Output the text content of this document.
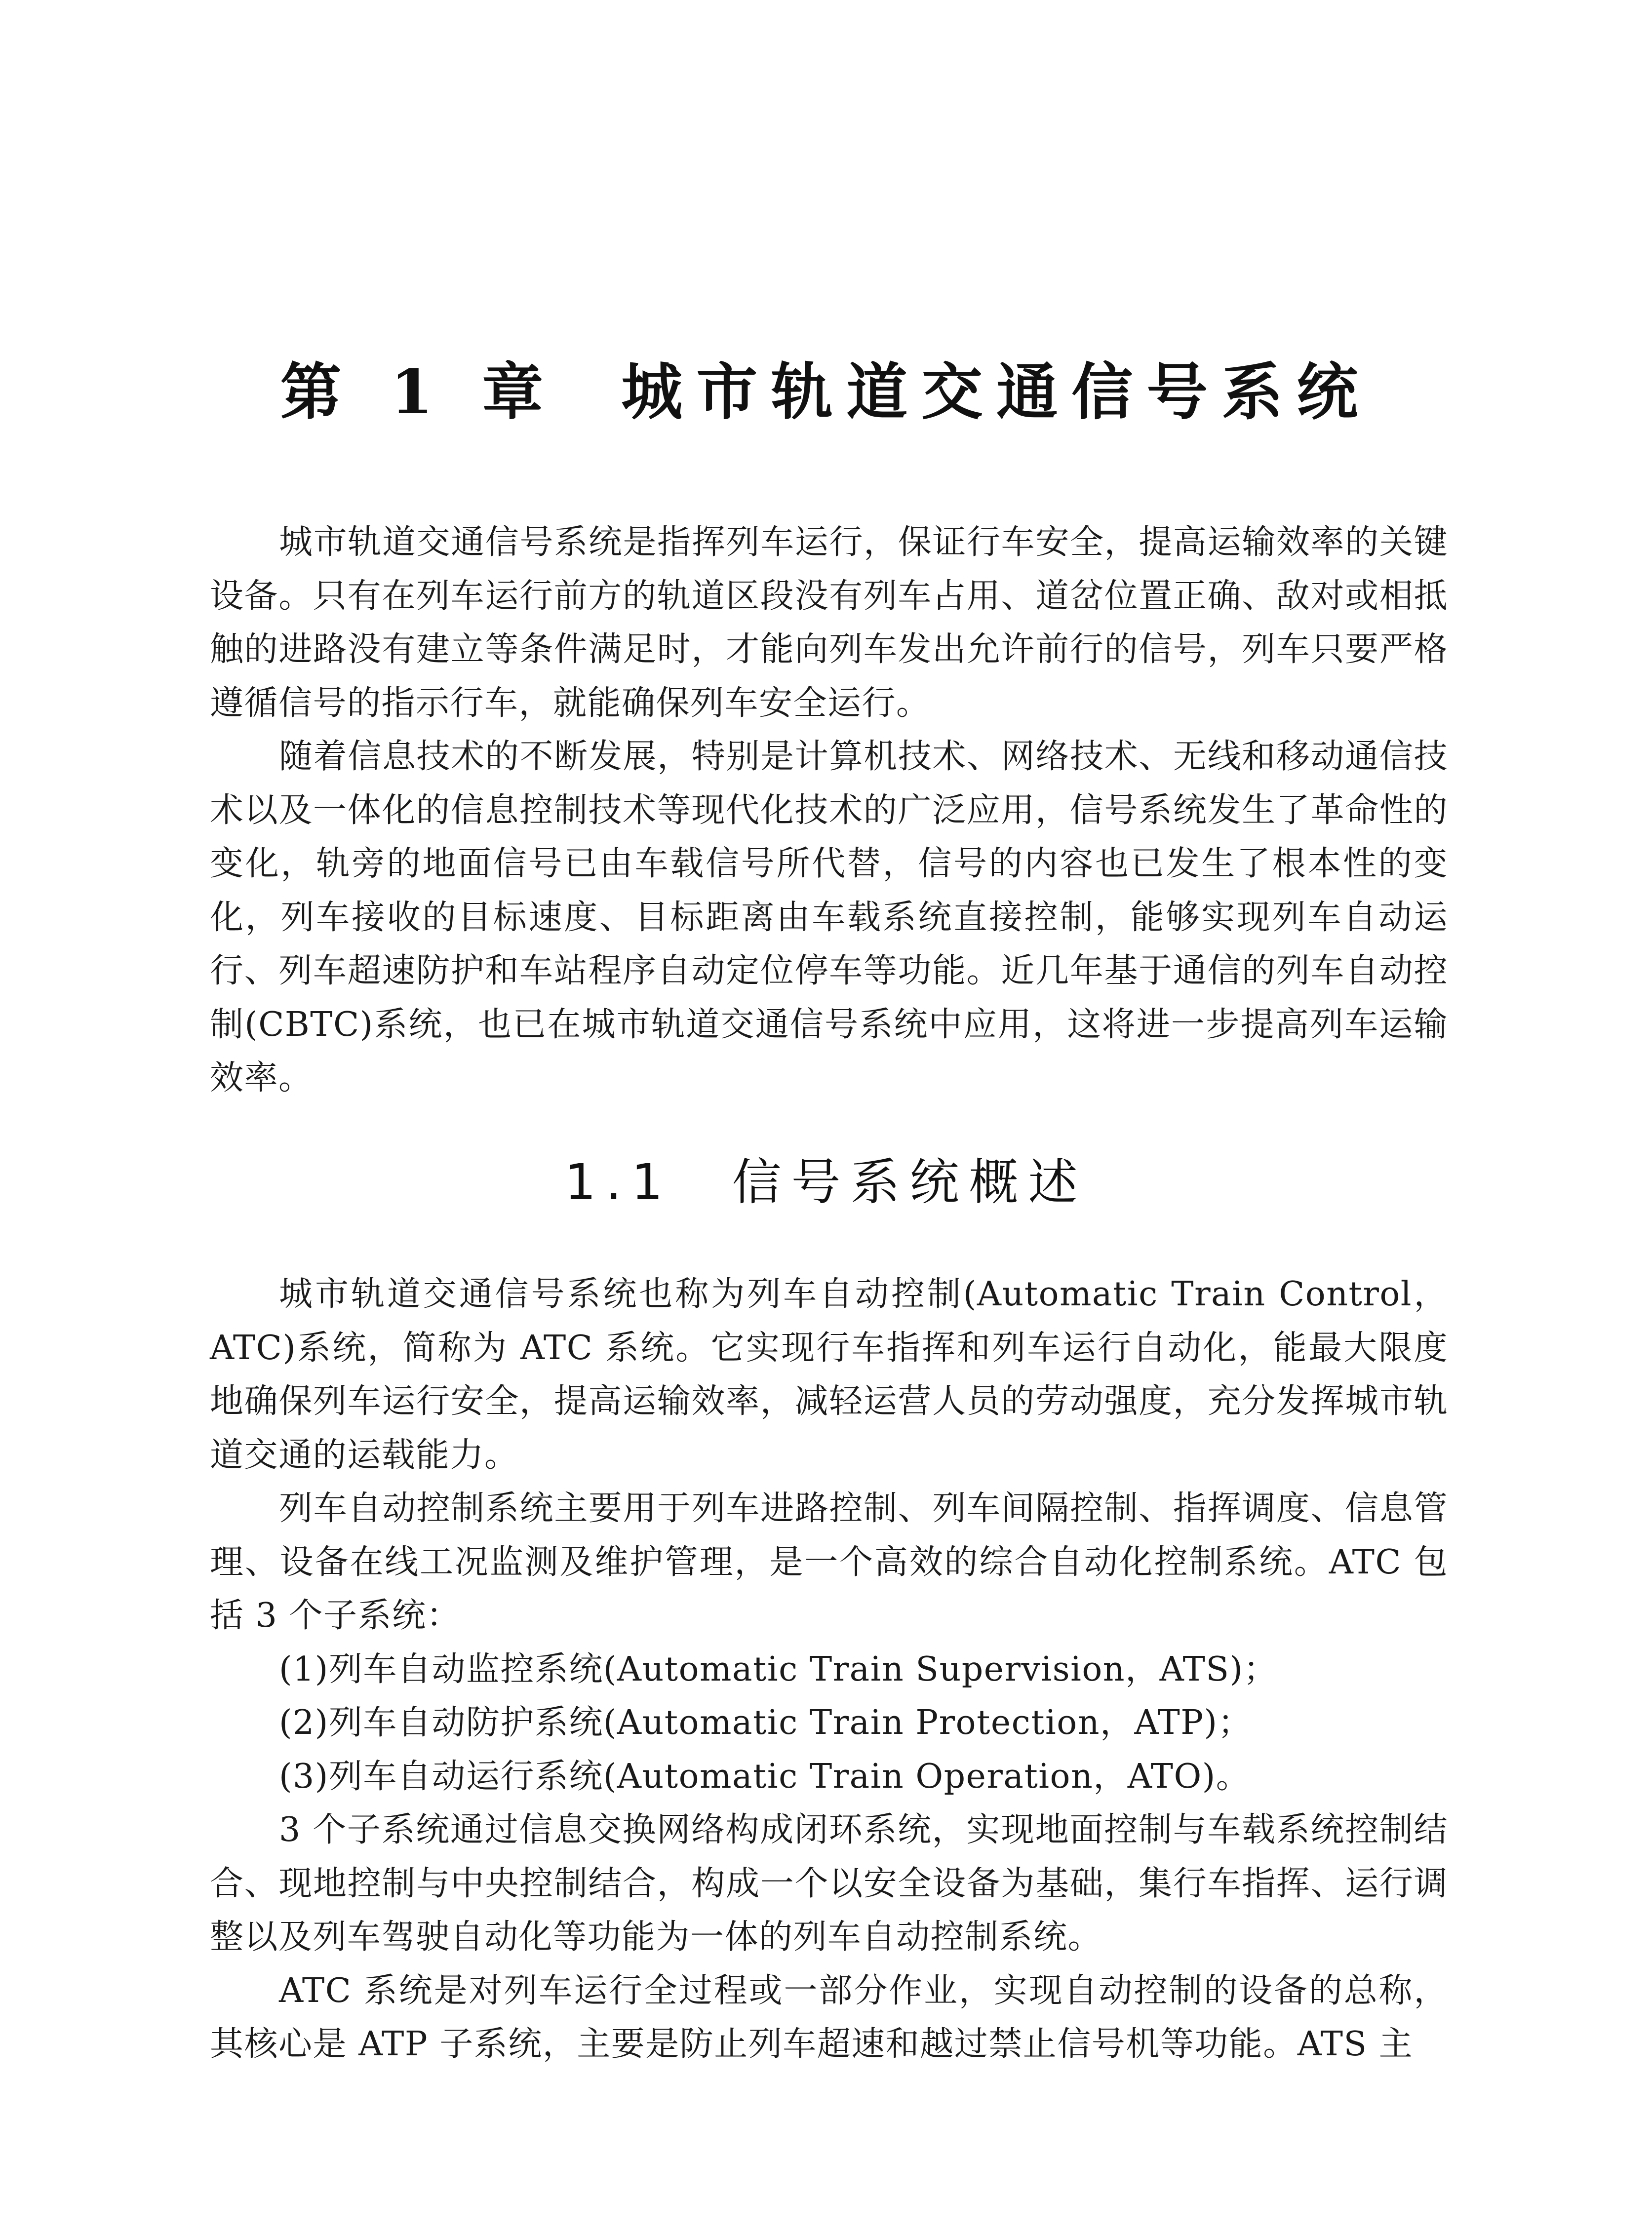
第 1 章 城市轨道交通信号系统

城市轨道交通信号系统是指挥列车运行，保证行车安全，提高运输效率的关键设备。只有在列车运行前方的轨道区段没有列车占用、道岔位置正确、敌对或相抵触的进路没有建立等条件满足时，才能向列车发出允许前行的信号，列车只要严格遵循信号的指示行车，就能确保列车安全运行。

随着信息技术的不断发展，特别是计算机技术、网络技术、无线和移动通信技术以及一体化的信息控制技术等现代化技术的广泛应用，信号系统发生了革命性的变化，轨旁的地面信号已由车载信号所代替，信号的内容也已发生了根本性的变化，列车接收的目标速度、目标距离由车载系统直接控制，能够实现列车自动运行、列车超速防护和车站程序自动定位停车等功能。近几年基于通信的列车自动控制(CBTC)系统，也已在城市轨道交通信号系统中应用，这将进一步提高列车运输效率。

1.1 信号系统概述

城市轨道交通信号系统也称为列车自动控制(Automatic Train Control，ATC)系统，简称为 ATC 系统。它实现行车指挥和列车运行自动化，能最大限度地确保列车运行安全，提高运输效率，减轻运营人员的劳动强度，充分发挥城市轨道交通的运载能力。

列车自动控制系统主要用于列车进路控制、列车间隔控制、指挥调度、信息管理、设备在线工况监测及维护管理，是一个高效的综合自动化控制系统。ATC 包括 3 个子系统：

(1)列车自动监控系统(Automatic Train Supervision，ATS)；

(2)列车自动防护系统(Automatic Train Protection，ATP)；

(3)列车自动运行系统(Automatic Train Operation，ATO)。

3 个子系统通过信息交换网络构成闭环系统，实现地面控制与车载系统控制结合、现地控制与中央控制结合，构成一个以安全设备为基础，集行车指挥、运行调整以及列车驾驶自动化等功能为一体的列车自动控制系统。

ATC 系统是对列车运行全过程或一部分作业，实现自动控制的设备的总称，其核心是 ATP 子系统，主要是防止列车超速和越过禁止信号机等功能。ATS 主
